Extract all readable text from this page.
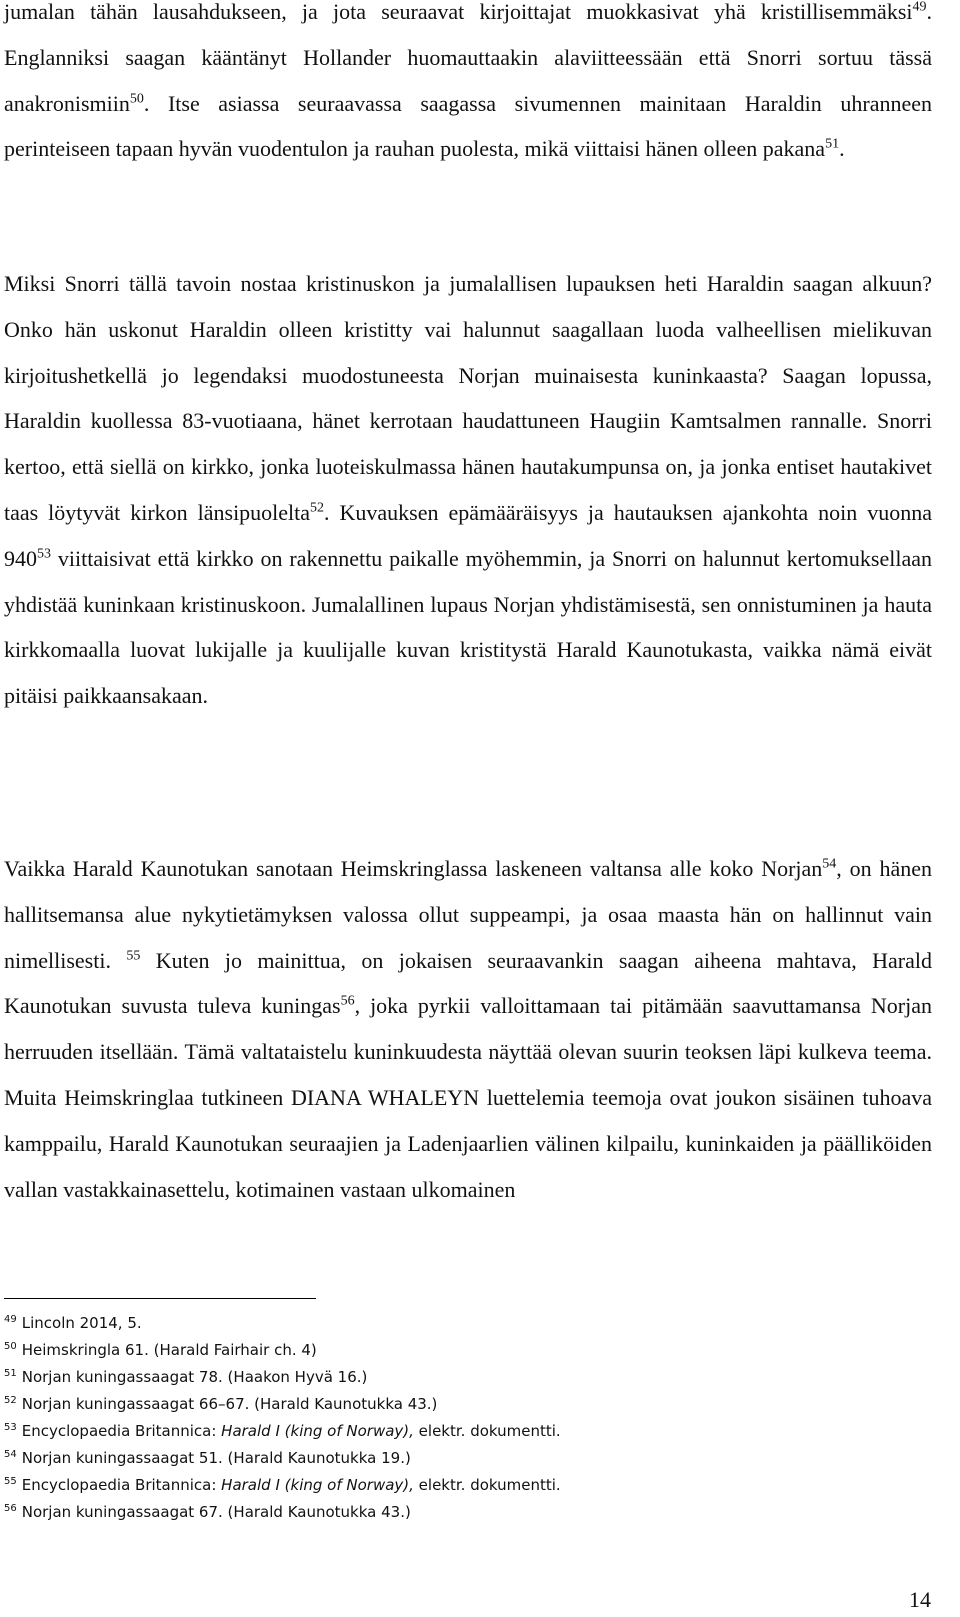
jumalan tähän lausahdukseen, ja jota seuraavat kirjoittajat muokkasivat yhä kristillisemmäksi$^{49}$. Englanniksi saagan kääntänyt Hollander huomauttaakin alaviitteessään että Snorri sortuu tässä anakronismiin$^{50}$. Itse asiassa seuraavassa saagassa sivumennen mainitaan Haraldin uhranneen perinteiseen tapaan hyvän vuodentulon ja rauhan puolesta, mikä viittaisi hänen olleen pakana$^{51}$.

Miksi Snorri tällä tavoin nostaa kristinuskon ja jumalallisen lupauksen heti Haraldin saagan alkuun? Onko hän uskonut Haraldin olleen kristitty vai halunnut saagallaan luoda valheellisen mielikuvan kirjoitushetkellä jo legendaksi muodostuneesta Norjan muinaisesta kuninkaasta? Saagan lopussa, Haraldin kuollessa 83-vuotiaana, hänet kerrotaan haudattuneen Haugiin Kamtsalmen rannalle. Snorri kertoo, että siellä on kirkko, jonka luoteiskulmassa hänen hautakumpunsa on, ja jonka entiset hautakivet taas löytyvät kirkon länsipuolelta$^{52}$. Kuvauksen epämääräisyys ja hautauksen ajankohta noin vuonna $940^{53}$ viittaisivat että kirkko on rakennettu paikalle myöhemmin, ja Snorri on halunnut kertomuksellaan yhdistää kuninkaan kristinuskoon. Jumalallinen lupaus Norjan yhdistämisestä, sen onnistuminen ja hauta kirkkomaalla luovat lukijalle ja kuulijalle kuvan kristitystä Harald Kaunotukasta, vaikka nämä eivät pitäisi paikkaansakaan.

Vaikka Harald Kaunotukan sanotaan Heimskringlassa laskeneen valtansa alle koko Norjan$^{54}$, on hänen hallitsemansa alue nykytietämyksen valossa ollut suppeampi, ja osaa maasta hän on hallinnut vain nimellisesti. $^{55}$ Kuten jo mainittua, on jokaisen seuraavankin saagan aiheena mahtava, Harald Kaunotukan suvusta tuleva kuningas$^{56}$, joka pyrkii valloittamaan tai pitämään saavuttamansa Norjan herruuden itsellään. Tämä valtataistelu kuninkuudesta näyttää olevan suurin teoksen läpi kulkeva teema. Muita Heimskringlaa tutkineen DIANA WHALEYN luettelemia teemoja ovat joukon sisäinen tuhoava kamppailu, Harald Kaunotukan seuraajien ja Ladenjaarlien välinen kilpailu, kuninkaiden ja päälliköiden vallan vastakkainasettelu, kotimainen vastaan ulkomainen

$^{49}$ Lincoln 2014, 5.
$^{50}$ Heimskringla 61. (Harald Fairhair ch. 4)
$^{51}$ Norjan kuningassaagat 78. (Haakon Hyvä 16.)
$^{52}$ Norjan kuningassaagat 66–67. (Harald Kaunotukka 43.)
$^{53}$ Encyclopaedia Britannica: Harald I (king of Norway), elektr. dokumentti.
$^{54}$ Norjan kuningassaagat 51. (Harald Kaunotukka 19.)
$^{55}$ Encyclopaedia Britannica: Harald I (king of Norway), elektr. dokumentti.
$^{56}$ Norjan kuningassaagat 67. (Harald Kaunotukka 43.)
14
